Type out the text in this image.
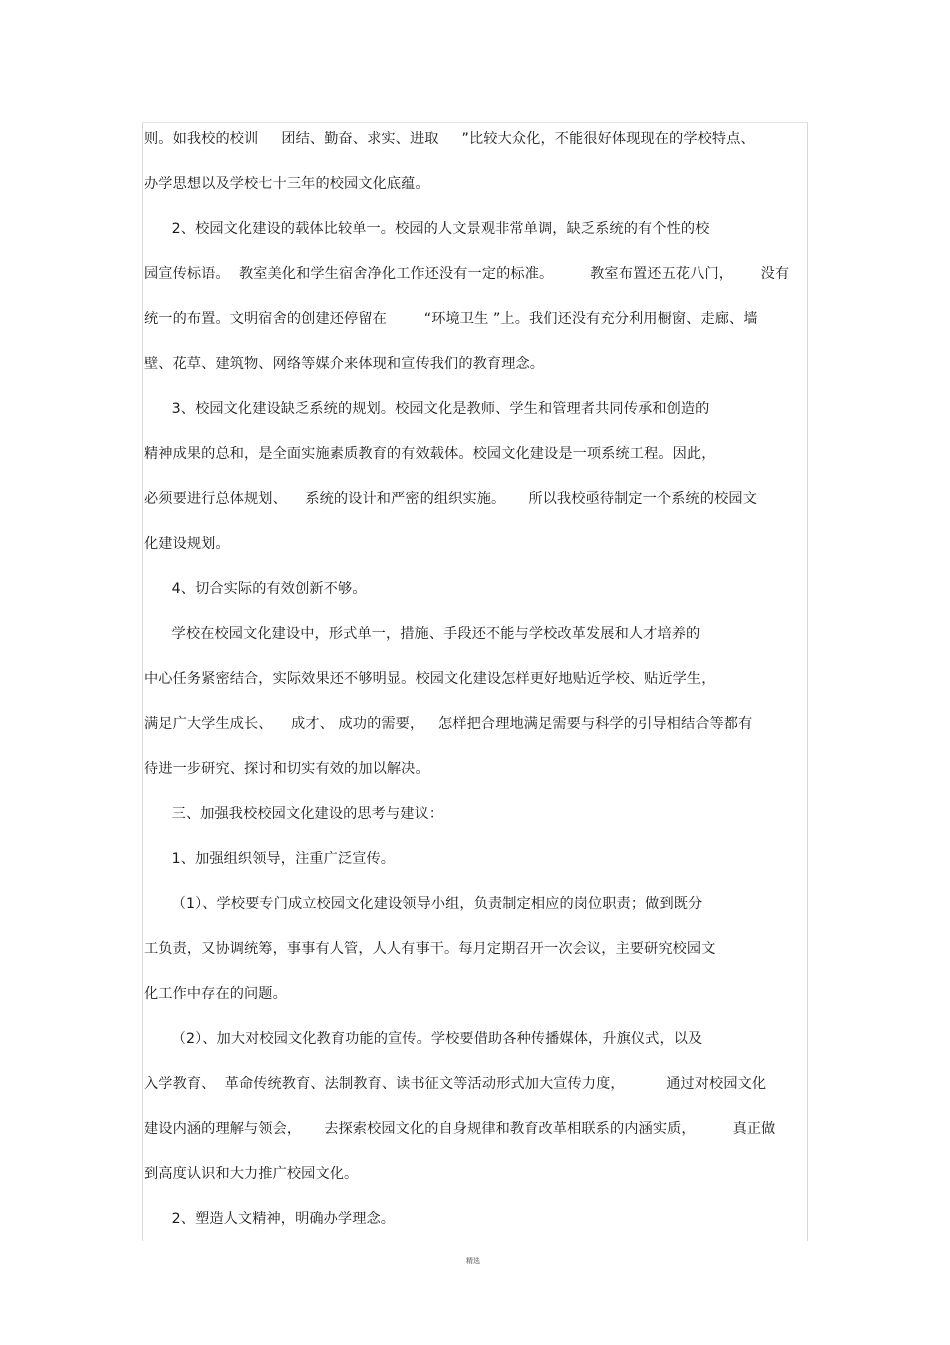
则。如我校的校训     团结、勤奋、求实、进取     ”比较大众化，不能很好体现现在的学校特点、
办学思想以及学校七十三年的校园文化底蕴。
2、校园文化建设的载体比较单一。校园的人文景观非常单调，缺乏系统的有个性的校
园宣传标语。  教室美化和学生宿舍净化工作还没有一定的标准。        教室布置还五花八门，      没有
统一的布置。文明宿舍的创建还停留在        “环境卫生 ”上。我们还没有充分利用橱窗、走廊、墙
壁、花草、建筑物、网络等媒介来体现和宣传我们的教育理念。
3、校园文化建设缺乏系统的规划。校园文化是教师、学生和管理者共同传承和创造的
精神成果的总和，是全面实施素质教育的有效载体。校园文化建设是一项系统工程。因此，
必须要进行总体规划、    系统的设计和严密的组织实施。     所以我校亟待制定一个系统的校园文
化建设规划。
4、切合实际的有效创新不够。
学校在校园文化建设中，形式单一，措施、手段还不能与学校改革发展和人才培养的
中心任务紧密结合，实际效果还不够明显。校园文化建设怎样更好地贴近学校、贴近学生，
满足广大学生成长、    成才、 成功的需要，   怎样把合理地满足需要与科学的引导相结合等都有
待进一步研究、探讨和切实有效的加以解决。
三、加强我校校园文化建设的思考与建议：
1、加强组织领导，注重广泛宣传。
（1）、学校要专门成立校园文化建设领导小组，负责制定相应的岗位职责；做到既分
工负责，又协调统筹，事事有人管，人人有事干。每月定期召开一次会议，主要研究校园文
化工作中存在的问题。
（2）、加大对校园文化教育功能的宣传。学校要借助各种传播媒体，升旗仪式，以及
入学教育、  革命传统教育、法制教育、读书征文等活动形式加大宣传力度，         通过对校园文化
建设内涵的理解与领会，     去探索校园文化的自身规律和教育改革相联系的内涵实质，        真正做
到高度认识和大力推广校园文化。
2、塑造人文精神，明确办学理念。
精选
